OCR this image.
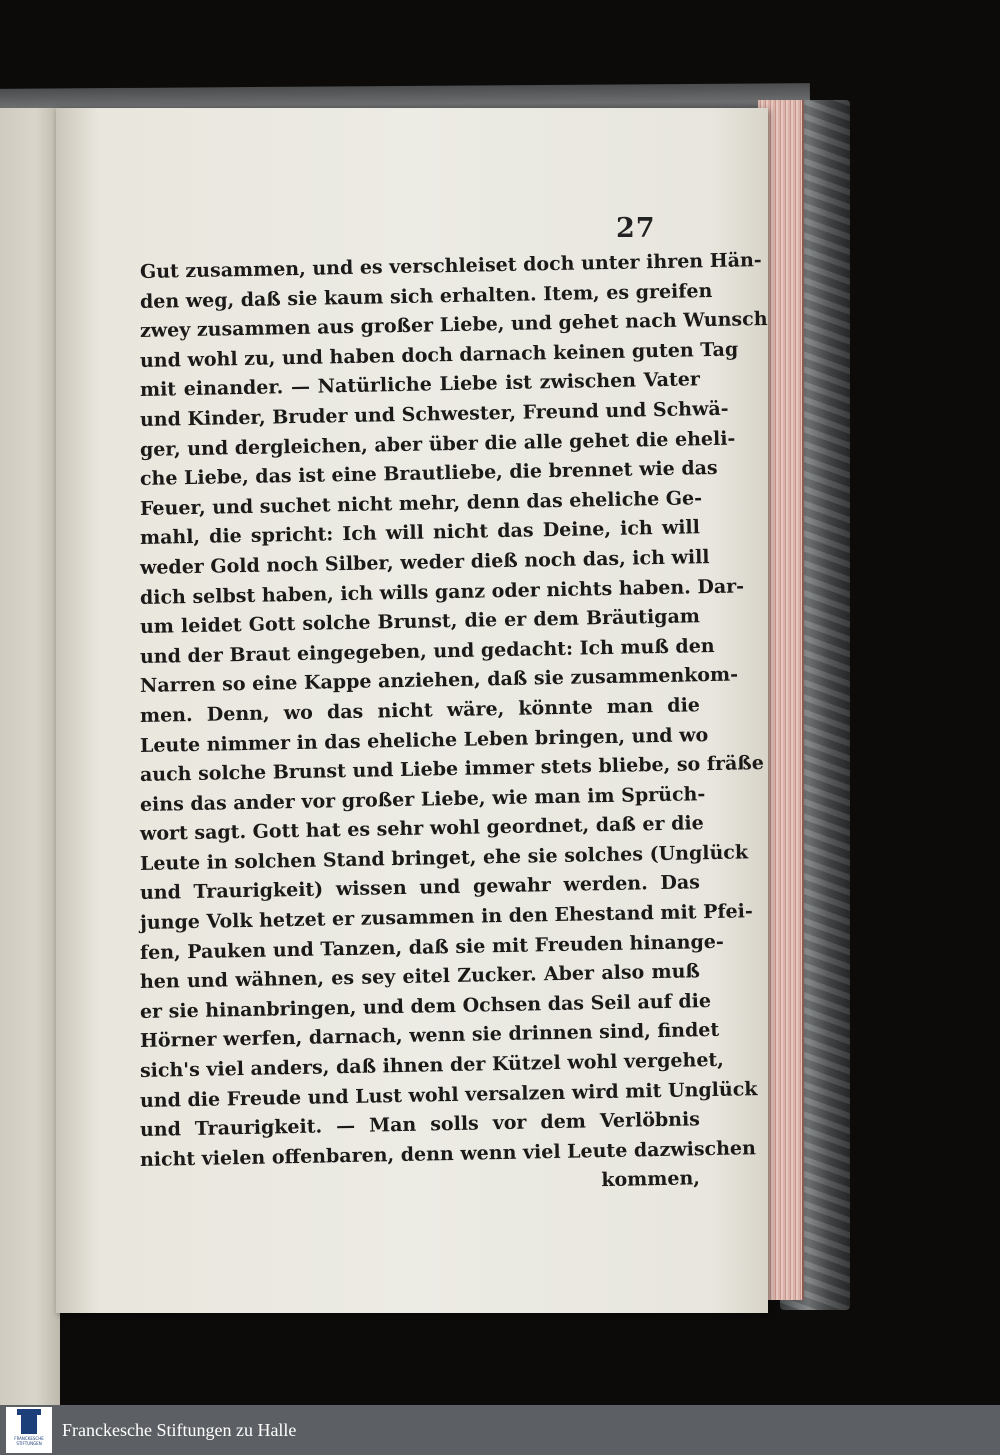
27
Gut zusammen, und es verschleiset doch unter ihren Hän-
den weg, daß sie kaum sich erhalten. Item, es greifen
zwey zusammen aus großer Liebe, und gehet nach Wunsch
und wohl zu, und haben doch darnach keinen guten Tag
mit einander. — Natürliche Liebe ist zwischen Vater
und Kinder, Bruder und Schwester, Freund und Schwä-
ger, und dergleichen, aber über die alle gehet die eheli-
che Liebe, das ist eine Brautliebe, die brennet wie das
Feuer, und suchet nicht mehr, denn das eheliche Ge-
mahl, die spricht: Ich will nicht das Deine, ich will
weder Gold noch Silber, weder dieß noch das, ich will
dich selbst haben, ich wills ganz oder nichts haben. Dar-
um leidet Gott solche Brunst, die er dem Bräutigam
und der Braut eingegeben, und gedacht: Ich muß den
Narren so eine Kappe anziehen, daß sie zusammenkom-
men. Denn, wo das nicht wäre, könnte man die
Leute nimmer in das eheliche Leben bringen, und wo
auch solche Brunst und Liebe immer stets bliebe, so fräße
eins das ander vor großer Liebe, wie man im Sprüch-
wort sagt. Gott hat es sehr wohl geordnet, daß er die
Leute in solchen Stand bringet, ehe sie solches (Unglück
und Traurigkeit) wissen und gewahr werden. Das
junge Volk hetzet er zusammen in den Ehestand mit Pfei-
fen, Pauken und Tanzen, daß sie mit Freuden hinange-
hen und wähnen, es sey eitel Zucker. Aber also muß
er sie hinanbringen, und dem Ochsen das Seil auf die
Hörner werfen, darnach, wenn sie drinnen sind, findet
sich's viel anders, daß ihnen der Kützel wohl vergehet,
und die Freude und Lust wohl versalzen wird mit Unglück
und Traurigkeit. — Man solls vor dem Verlöbnis
nicht vielen offenbaren, denn wenn viel Leute dazwischen
kommen,
FRANCKESCHE STIFTUNGEN
Franckesche Stiftungen zu Halle
